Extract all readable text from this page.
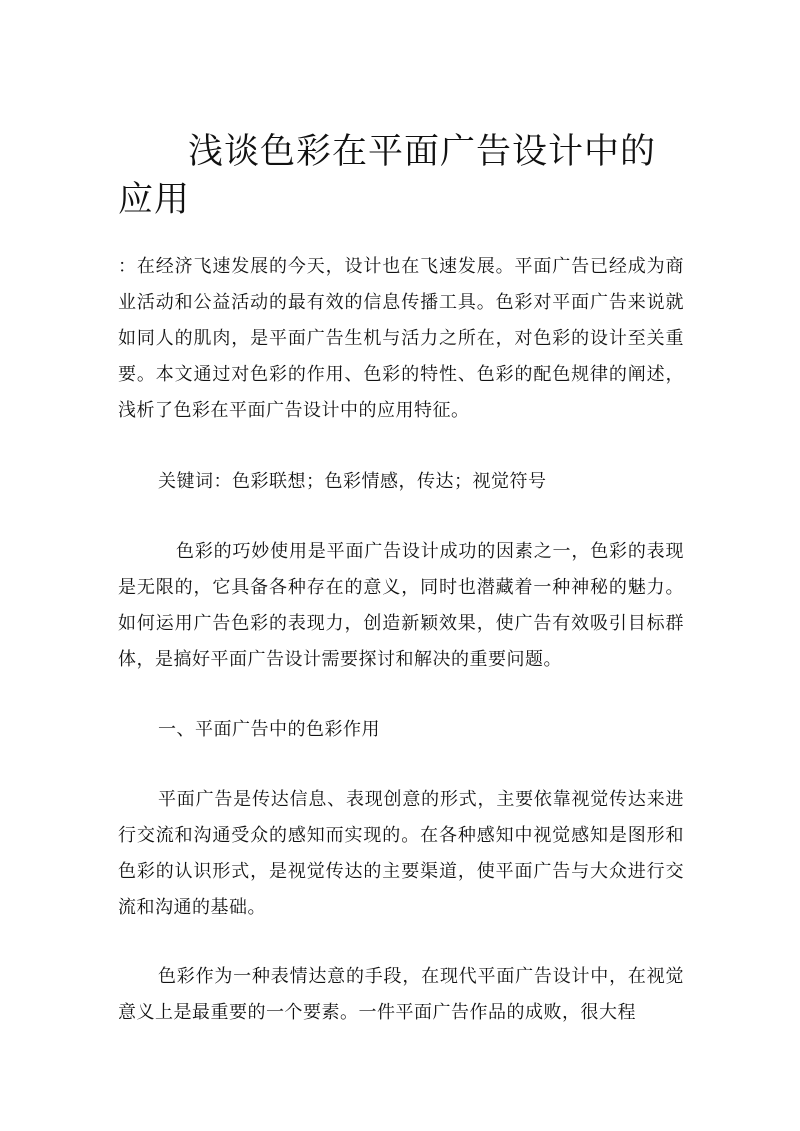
浅谈色彩在平面广告设计中的应用

：在经济飞速发展的今天，设计也在飞速发展。平面广告已经成为商业活动和公益活动的最有效的信息传播工具。色彩对平面广告来说就如同人的肌肉，是平面广告生机与活力之所在，对色彩的设计至关重要。本文通过对色彩的作用、色彩的特性、色彩的配色规律的阐述，浅析了色彩在平面广告设计中的应用特征。

关键词：色彩联想；色彩情感，传达；视觉符号

色彩的巧妙使用是平面广告设计成功的因素之一，色彩的表现是无限的，它具备各种存在的意义，同时也潜藏着一种神秘的魅力。如何运用广告色彩的表现力，创造新颖效果，使广告有效吸引目标群体，是搞好平面广告设计需要探讨和解决的重要问题。

一、平面广告中的色彩作用

平面广告是传达信息、表现创意的形式，主要依靠视觉传达来进行交流和沟通受众的感知而实现的。在各种感知中视觉感知是图形和色彩的认识形式，是视觉传达的主要渠道，使平面广告与大众进行交流和沟通的基础。

色彩作为一种表情达意的手段，在现代平面广告设计中，在视觉意义上是最重要的一个要素。一件平面广告作品的成败，很大程
